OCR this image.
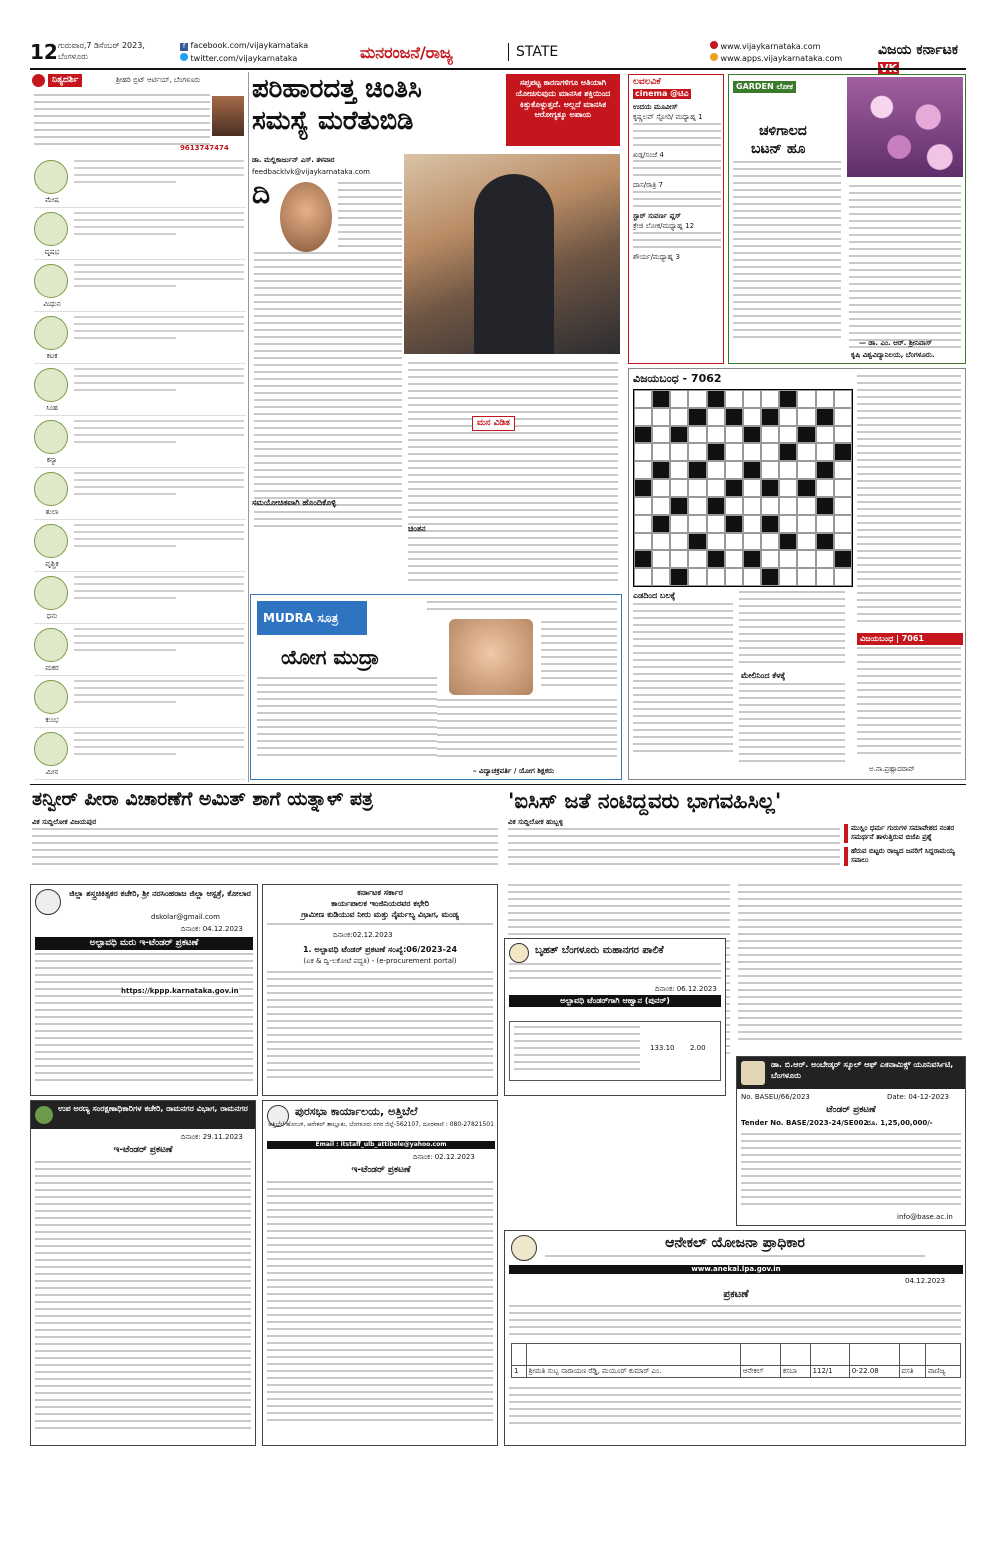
12 ಗುರುವಾರ,7 ಡಿಸೆಂಬರ್ 2023,
ಬೆಂಗಳೂರು
f facebook.com/vijaykarnataka
twitter.com/vijaykarnataka	ಮನರಂಜನೆ/ರಾಜ್ಯ	STATE	www.vijaykarnataka.com
www.apps.vijaykarnataka.com
ವಿಜಯ ಕರ್ನಾಟಕ
ನಿತ್ಯದರ್ಶಿ	ಶ್ರೀಹರಿ ಬ್ರಿಟ್ ಆರ್ಟಿಯ್, ಬೆಂಗಳೂರು
9613747474
ಮೇಷ
ವೃಷಭ
ಮಿಥುನ
ಕಟಕ
ಸಿಂಹ
ಕನ್ಯಾ
ತುಲಾ
ವೃಶ್ಚಿಕ
ಧನು
ಮಕರ
ಕುಂಭ
ಮೀನ
ಪರಿಹಾರದತ್ತ ಚಿಂತಿಸಿ
ಸಮಸ್ಯೆ ಮರೆತುಬಿಡಿ
ಸಪ್ತಪಟ್ಟ ಕಾರಣಗಳಿಗೂ ಅತಿಯಾಗಿ ಯೋಚಿಸುವುದು ಮಾನಸಿಕ ಶಕ್ತಿಯಿಂದ ಕಿತ್ತುಕೊಳ್ಳುತ್ತದೆ. ಅಲ್ಲದೆ ಮಾನಸಿಕ ಆರೋಗ್ಯಕ್ಕೂ ಅಪಾಯ
ಡಾ. ಮಲ್ಲಿಕಾರ್ಜುನ್ ಎಸ್. ತಳವಾರ
feedbacklvk@vijaykarnataka.com
ದಿ
ಮನ ವಿಡಿತ
ಸಮಯೋಚಿತವಾಗಿ ಹೊಂದಿಕೊಳ್ಳಿ
ಚಿಂತನ
ಲವಲವಿಕೆ
cinema @ಟಿವಿ
ಉದಯ ಮೂವೀಸ್
ಕೃಷ್ಣಲವ್ ಸ್ಟೋರಿ/ ಮಧ್ಯಾಹ್ನ 1
ಖಡ್ಗ/ಸಂಜೆ 4
ದಾಸ/ರಾತ್ರಿ 7
ಸ್ಟಾರ್ ಸುವರ್ಣ ಪ್ಲಸ್
ಕ್ರೇಜಿ ಲೋಕ/ಮಧ್ಯಾಹ್ನ 12
ಶೌರ್ಯ/ಮಧ್ಯಾಹ್ನ 3
GARDEN ಲೋಕ
ಚಳಿಗಾಲದ
ಬಟನ್ ಹೂ
— ಡಾ. ಎಂ. ಆರ್. ಶ್ರೀನಿವಾಸ್
ಕೃಷಿ ವಿಶ್ವವಿದ್ಯಾನಿಲಯ, ಬೆಂಗಳೂರು.
ವಿಜಯಬಂಧ - 7062
ಎಡದಿಂದ ಬಲಕ್ಕೆ
ಮೇಲಿನಿಂದ ಕೆಳಕ್ಕೆ
ವಿಜಯಬಂಧ | 7061
ಅ.ನಾ.ಪ್ರಹ್ಲಾದರಾವ್
MUDRA ಸೂತ್ರ
ಯೋಗ ಮುದ್ರಾ
– ವಿದ್ಯಾಚಕ್ರವರ್ತಿ / ಯೋಗ ಶಿಕ್ಷಕರು
ತನ್ವೀರ್ ಪೀರಾ ವಿಚಾರಣೆಗೆ ಅಮಿತ್ ಶಾಗೆ ಯತ್ನಾಳ್ ಪತ್ರ
ವಿಕ ಸುದ್ದಿಲೋಕ ವಿಜಯಪುರ
'ಐಸಿಸ್ ಜತೆ ನಂಟಿದ್ದವರು ಭಾಗವಹಿಸಿಲ್ಲ'
ವಿಕ ಸುದ್ದಿಲೋಕ ಹುಬ್ಬಳ್ಳಿ
ಮುಸ್ಲಿಂ ಧರ್ಮ ಗುರುಗಳ ಸಮಾವೇಶದ ನಂತರ ಸಮರ್ಥನೆ ತಾಳುತ್ತಿರುವ ಬಿಜೆಪಿ ಪ್ರಶ್ನೆ
ಹೆರುವ ಬಿಟ್ಟರು ರಾಜ್ಯದ ಜನರಿಗೆ ಸಿದ್ದರಾಮಯ್ಯ ಸವಾಲು
ಜಿಲ್ಲಾ ಶಸ್ತ್ರಚಿಕಿತ್ಸಕರ ಕಚೇರಿ, ಶ್ರೀ ನರಸಿಂಹರಾಜ ಜಿಲ್ಲಾ ಆಸ್ಪತ್ರೆ, ಕೋಲಾರ
dskolar@gmail.com
ದಿನಾಂಕ: 04.12.2023
ಅಲ್ಪಾವಧಿ ಮರು ಇ-ಟೆಂಡರ್ ಪ್ರಕಟಣೆ
https://kppp.karnataka.gov.in
ಕರ್ನಾಟಕ ಸರ್ಕಾರ
ಕಾರ್ಯಪಾಲಕ ಇಂಜಿನಿಯರವರ ಕಛೇರಿ
ಗ್ರಾಮೀಣ ಕುಡಿಯುವ ನೀರು ಮತ್ತು ನೈರ್ಮಲ್ಯ ವಿಭಾಗ, ಮಂಡ್ಯ
ದಿನಾಂಕ:02.12.2023
1. ಅಲ್ಪಾವಧಿ ಟೆಂಡರ್ ಪ್ರಕಟಣೆ ಸಂಖ್ಯೆ:06/2023-24
(ಏಕ & ದ್ವಿ-ಲಕೋಟೆ ಪದ್ಧತಿ) - (e-procurement portal)
ಬೃಹತ್ ಬೆಂಗಳೂರು ಮಹಾನಗರ ಪಾಲಿಕೆ
ದಿನಾಂಕ: 06.12.2023
ಅಲ್ಪಾವಧಿ ಟೆಂಡರ್‌ಗಾಗಿ ಆಹ್ವಾನ (ಪುನರ್)
133.10 2.00
ಡಾ. ಬಿ.ಆರ್. ಅಂಬೇಡ್ಕರ್ ಸ್ಕೂಲ್ ಆಫ್ ಎಕನಾಮಿಕ್ಸ್ ಯೂನಿವರ್ಸಿಟಿ, ಬೆಂಗಳೂರು
No. BASEU/66/2023	Date: 04-12-2023
ಟೆಂಡರ್ ಪ್ರಕಟಣೆ
Tender No. BASE/2023-24/SE002
ರೂ. 1,25,00,000/-
info@base.ac.in
ಉಪ ಅರಣ್ಯ ಸಂರಕ್ಷಣಾಧಿಕಾರಿಗಳ ಕಚೇರಿ, ರಾಮನಗರ ವಿಭಾಗ, ರಾಮನಗರ
ದಿನಾಂಕ: 29.11.2023
ಇ-ಟೆಂಡರ್ ಪ್ರಕಟಣೆ
ಪುರಸಭಾ ಕಾರ್ಯಾಲಯ, ಅತ್ತಿಬೆಲೆ
ಅತ್ತಿಬೆಲೆ ಹೋಬಳಿ, ಆನೇಕಲ್ ತಾಲ್ಲೂಕು, ಬೆಂಗಳೂರು ನಗರ ಜಿಲ್ಲೆ-562107, ದೂರವಾಣಿ : 080-27821501
Email : itstaff_ulb_attibele@yahoo.com
ದಿನಾಂಕ: 02.12.2023
ಇ-ಟೆಂಡರ್ ಪ್ರಕಟಣೆ
ಆನೇಕಲ್ ಯೋಜನಾ ಪ್ರಾಧಿಕಾರ
www.anekal.lpa.gov.in
04.12.2023
ಪ್ರಕಟಣೆ

1	ಶ್ರೀಮತಿ ಸುಬ್ಬ ನಾರಾಯಣ ರೆಡ್ಡಿ, ಮಯೂರ್ ಕುಮಾರ್ ಎಂ.	ಆನೇಕಲ್	ಕಸಬಾ	112/1	0-22.08	ವಸತಿ	ವಾಣಿಜ್ಯ
